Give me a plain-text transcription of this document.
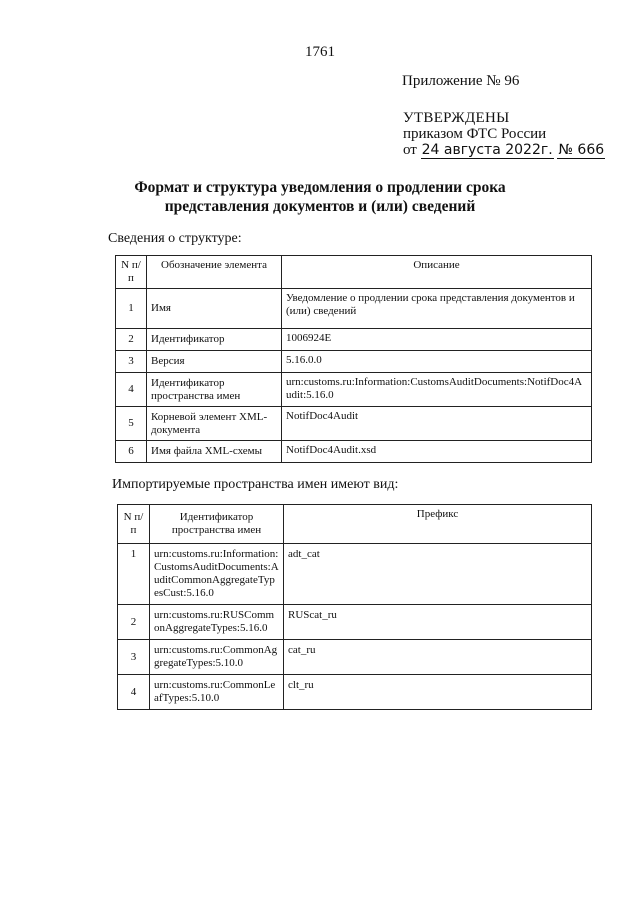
1761
Приложение № 96
УТВЕРЖДЕНЫ
приказом ФТС России
от 24 августа 2022г. № 666
Формат и структура уведомления о продлении срока представления документов и (или) сведений
Сведения о структуре:
N п/п	Обозначение элемента	Описание
1	Имя	Уведомление о продлении срока представления документов и (или) сведений
2	Идентификатор	1006924E
3	Версия	5.16.0.0
4	Идентификатор пространства имен	urn:customs.ru:Information:CustomsAuditDocuments:NotifDoc4Audit:5.16.0
5	Корневой элемент XML-документа	NotifDoc4Audit
6	Имя файла XML-схемы	NotifDoc4Audit.xsd
Импортируемые пространства имен имеют вид:
N п/п	Идентификатор пространства имен	Префикс
1	urn:customs.ru:Information:CustomsAuditDocuments:AuditCommonAggregateTypesCust:5.16.0	adt_cat
2	urn:customs.ru:RUSCommonAggregateTypes:5.16.0	RUScat_ru
3	urn:customs.ru:CommonAggregateTypes:5.10.0	cat_ru
4	urn:customs.ru:CommonLeafTypes:5.10.0	clt_ru
